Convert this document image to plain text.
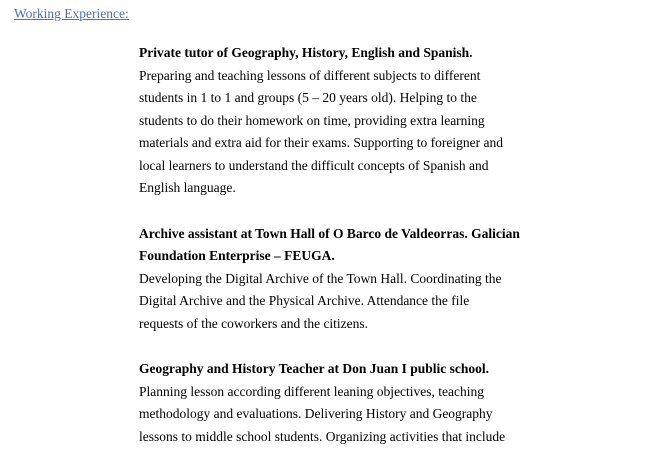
Working Experience:
Private tutor of Geography, History, English and Spanish.
Preparing and teaching lessons of different subjects to different
students in 1 to 1 and groups (5 – 20 years old). Helping to the
students to do their homework on time, providing extra learning
materials and extra aid for their exams. Supporting to foreigner and
local learners to understand the difficult concepts of Spanish and
English language.
Archive assistant at Town Hall of O Barco de Valdeorras. Galician
Foundation Enterprise – FEUGA.
Developing the Digital Archive of the Town Hall. Coordinating the
Digital Archive and the Physical Archive. Attendance the file
requests of the coworkers and the citizens.
Geography and History Teacher at Don Juan I public school.
Planning lesson according different leaning objectives, teaching
methodology and evaluations. Delivering History and Geography
lessons to middle school students. Organizing activities that include
